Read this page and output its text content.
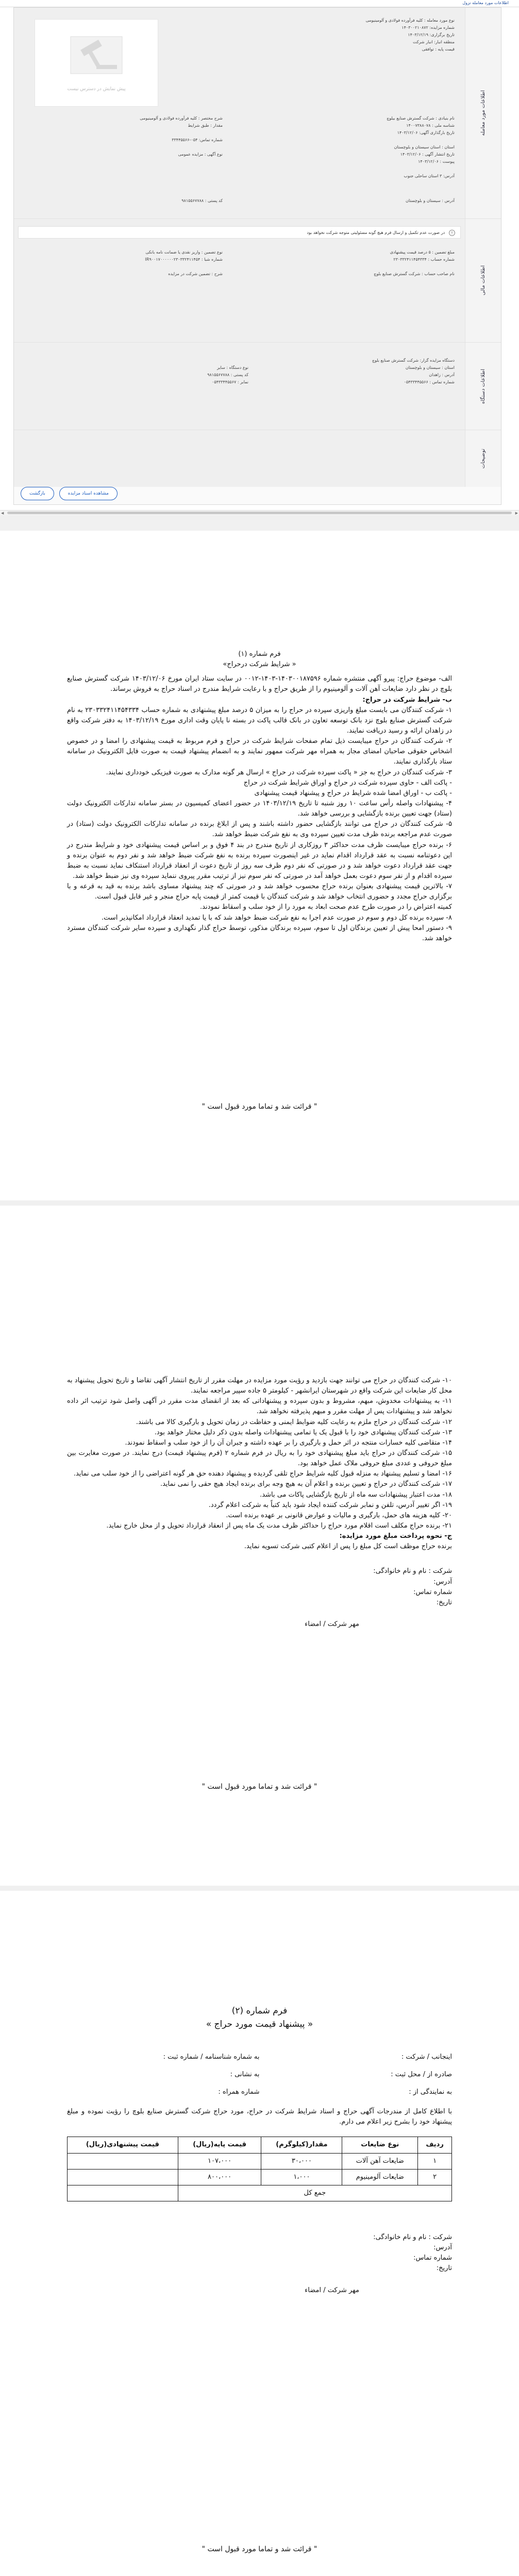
اطلاعات مورد معامله نزول
اطلاعات مورد معامله
نوع مورد معامله : کلیه فرآورده فولادی و آلومینیومی
شماره مزایده: ۱۴۰۳۰۰۲۱۰۸۷۲
تاریخ برگزاری: ۱۴۰۳/۱۲/۱۹
منطقه انبار: انبار شرکت
قیمت پایه : توافقی
پیش نمایش در دسترس نیست
نام بنیادی : شرکت گسترش صنایع بیلوچ
شناسه ملی : ۱۴۰۰۷۳۸۸۰۷۸
تاریخ بارگذاری آگهی: ۱۴۰۳/۱۲/۰۶
استان : استان سیستان و بلوچستان
تاریخ انتشار آگهی : ۱۴۰۳/۱۲/۰۶
پیوست : ۱۴۰۳/۱۲/۰۶
آدرس: ۳ استان ساحلی جنوب
شرح مختصر : کلیه فرآورده فولادی و آلومینیومی
مقدار : طبق شرایط
شماره تماس: ۰۵۴-۳۳۴۴۵۵۶۶
نوع آگهی : مزایده عمومی
آدرس : سیستان و بلوچستان
کد پستی : ۹۸۱۵۵۶۷۷۸۸
اطلاعات مالی
!
در صورت عدم تکمیل و ارسال فرم هیچ گونه مسئولیتی متوجه شرکت نخواهد بود
مبلغ تضمین : ۵ درصد قیمت پیشنهادی
شماره حساب : ۲۳۰۳۳۲۴۱۱۴۵۴۳۳۴
نام صاحب حساب : شرکت گسترش صنایع بلوچ
نوع تضمین : واریز نقدی یا ضمانت نامه بانکی
شماره شبا : IR۹۰۰۱۷۰۰۰۰۰۰۲۳۰۳۳۲۴۱۱۴۵۴
شرح : تضمین شرکت در مزایده
اطلاعات دستگاه
دستگاه مزایده گزار: شرکت گسترش صنایع بلوچ
استان : سیستان و بلوچستان
آدرس : زاهدان
شماره تماس : ۰۵۴۳۳۴۴۵۵۶۶
نوع دستگاه : سایر
کد پستی : ۹۸۱۵۵۶۷۷۸۸
نمابر : ۰۵۴۳۳۴۴۵۵۶۷
توضیحات
مشاهده اسناد مزایده
بازگشت
◀	▶

فرم شماره (۱)

« شرایط شرکت درحراج»

الف- موضوع حراج: پیرو آگهی منتشره شماره ۱۴۰۳۰۰۱۸۷۵۹۶-۱۴۰۳-۰۰۱۲ در سایت ستاد ایران مورخ ۱۴۰۳/۱۲/۰۶ شرکت گسترش صنایع بلوچ در نظر دارد ضایعات آهن آلات و آلومینیوم را از طریق حراج و با رعایت شرایط مندرج در اسناد حراج به فروش برساند.

ب- شرایط شرکت در حراج:

۱- شرکت کنندگان می بایست مبلغ واریزی سپرده در حراج را به میزان ۵ درصد مبلغ پیشنهادی به شماره حساب ۲۳۰۳۳۲۴۱۱۴۵۴۳۳۴ به نام شرکت گسترش صنایع بلوچ نزد بانک توسعه تعاون در بانک قالب پاکت در بسته نا پایان وقت اداری مورخ ۱۴۰۳/۱۲/۱۹ به دفتر شرکت واقع در زاهدان ارائه و رسید دریافت نمایند.

۲- شرکت کنندگان در حراج میبایست ذیل تمام صفحات شرایط شرکت در حراج و فرم مربوط به قیمت پیشنهادی را امضا و در خصوص اشخاص حقوقی صاحبان امضای مجاز به همراه مهر شرکت ممهور نمایند و به انضمام پیشنهاد قیمت به صورت فایل الکترونیک در سامانه ستاد بارگذاری نمایند.

۳- شرکت کنندگان در حراج به جز « پاکت سپرده شرکت در حراج » ارسال هر گونه مدارک به صورت فیزیکی خودداری نمایند.

- پاکت الف - حاوی سپرده شرکت در حراج و اوراق شرایط شرکت در حراج

- پاکت ب - اوراق امضا شده شرایط در حراج و پیشنهاد قیمت پیشنهادی

۴- پیشنهادات واصله رأس ساعت ۱۰ روز شنبه تا تاریخ ۱۴۰۳/۱۲/۱۹ در حضور اعضای کمیسیون در بستر سامانه تدارکات الکترونیک دولت (ستاد) جهت تعیین برنده بازگشایی و بررسی خواهد شد.

۵- شرکت کنندگان در حراج می توانند بازگشایی حضور داشته باشند و پس از ابلاغ برنده در سامانه تدارکات الکترونیک دولت (ستاد) در صورت عدم مراجعه برنده ظرف مدت تعیین سپرده وی به نفع شرکت ضبط خواهد شد.

۶- برنده حراج میبایست ظرف مدت حداکثر ۳ روزکاری از تاریخ مندرج در بند ۴ فوق و بر اساس قیمت پیشنهادی خود و شرایط مندرج در این دعوتنامه نسبت به عقد قرارداد اقدام نماید در غیر اینصورت سپرده برنده به نفع شرکت ضبط خواهد شد و نفر دوم به عنوان برنده و جهت عقد قرارداد دعوت خواهد شد و در صورتی که نفر دوم ظرف سه روز از تاریخ دعوت از انعقاد قرارداد استنکاف نماید نسبت به ضبط سپرده اقدام و از نفر سوم دعوت بعمل خواهد آمد در صورتی که نفر سوم نیز از ترتیب مقرر پیروی ننماید سپرده وی نیز ضبط خواهد شد.

۷- بالاترین قیمت پیشنهادی بعنوان برنده حراج محسوب خواهد شد و در صورتی که چند پیشنهاد مساوی باشد برنده به قید به قرعه و با برگزاری حراج مجدد و حضوری انتخاب خواهد شد و شرکت کنندگان با قیمت کمتر از قیمت پایه حراج منجر و غیر قابل قبول است.

کمیته اعتراض را در صورت طرح عدم صحت ابعاد به مورد را از خود سلب و اسقاط نمودند.

۸- سپرده برنده کل دوم و سوم در صورت عدم اجرا به نفع شرکت ضبط خواهد شد که با یا تمدید انعقاد قرارداد امکانپذیر است.

۹- دستور امحا پیش از تعیین برندگان اول تا سوم، سپرده برندگان مذکور، توسط حراج گذار نگهداری و سپرده سایر شرکت کنندگان مسترد خواهد شد.

" قرائت شد و تماما مورد قبول است "

۱۰- شرکت کنندگان در حراج می توانند جهت بازدید و رؤیت مورد مزایده در مهلت مقرر از تاریخ انتشار آگهی تقاضا و تاریخ تحویل پیشنهاد به محل کار ضایعات این شرکت واقع در شهرستان ایرانشهر - کیلومتر ۵ جاده سپیر مراجعه نمایند.

۱۱- به پیشنهادات مخدوش، مبهم، مشروط و بدون سپرده و پیشنهاداتی که بعد از انقضای مدت مقرر در آگهی واصل شود ترتیب اثر داده نخواهد شد و پیشنهادات پس از مهلت مقرر و مبهم پذیرفته نخواهد شد.

۱۲- شرکت کنندگان در حراج ملزم به رعایت کلیه ضوابط ایمنی و حفاظت در زمان تحویل و بارگیری کالا می باشند.

۱۳- شرکت کنندگان پیشنهادی خود را با قبول یک یا تمامی پیشنهادات واصله بدون ذکر دلیل مختار خواهد بود.

۱۴- متقاضی کلیه خسارات منتجه در اثر حمل و بارگیری را بر عهده داشته و جبران آن را از خود سلب و اسقاط نمودند.

۱۵- شرکت کنندگان در حراج باید مبلغ پیشنهادی خود را به ریال در فرم شماره ۲ (فرم پیشنهاد قیمت) درج نمایند. در صورت مغایرت بین مبلغ حروفی و عددی مبلغ حروفی ملاک عمل خواهد بود.

۱۶- امضا و تسلیم پیشنهاد به منزله قبول کلیه شرایط حراج تلقی گردیده و پیشنهاد دهنده حق هر گونه اعتراضی را از خود سلب می نماید.

۱۷- شرکت کنندگان در حراج و تعیین برنده و اعلام آن به هیچ وجه برای برنده ایجاد هیچ حقی را نمی نماید.

۱۸- مدت اعتبار پیشنهادات سه ماه از تاریخ بازگشایی پاکات می باشد.

۱۹- اگر تغییر آدرس، تلفن و نمابر شرکت کننده ایجاد شود باید کتباً به شرکت اعلام گردد.

۲۰- کلیه هزینه های حمل، بارگیری و مالیات و عوارض قانونی بر عهده برنده است.

۲۱- برنده حراج مکلف است اقلام مورد حراج را حداکثر ظرف مدت یک ماه پس از انعقاد قرارداد تحویل و از محل خارج نماید.

ج- نحوه پرداخت مبلغ مورد مزایده:

برنده حراج موظف است کل مبلغ را پس از اعلام کتبی شرکت تسویه نماید.

شرکت : نام و نام خانوادگی:

آدرس:

شماره تماس:

تاریخ:

مهر شرکت / امضاء

" قرائت شد و تماما مورد قبول است "

فرم شماره (۲)

« پیشنهاد قیمت مورد حراج »

اینجانب / شرکت :
به شماره شناسنامه / شماره ثبت :
صادره از / محل ثبت :
به نشانی :
به نمایندگی از :
شماره همراه :

با اطلاع کامل از مندرجات آگهی حراج و اسناد شرایط شرکت در حراج، مورد حراج شرکت گسترش صنایع بلوچ را رؤیت نموده و مبلغ پیشنهاد خود را بشرح زیر اعلام می دارم.

ردیف	نوع ضایعات	مقدار(کیلوگرم)	قیمت پایه(ریال)	قیمت پیشنهادی(ریال)
۱	ضایعات آهن آلات	۳۰،۰۰۰	۱۰۷،۰۰۰	
۲	ضایعات آلومینیوم	۱،۰۰۰	۸۰۰،۰۰۰	
جمع کل				

شرکت : نام و نام خانوادگی:

آدرس:

شماره تماس:

تاریخ:

مهر شرکت / امضاء

" قرائت شد و تماما مورد قبول است "
